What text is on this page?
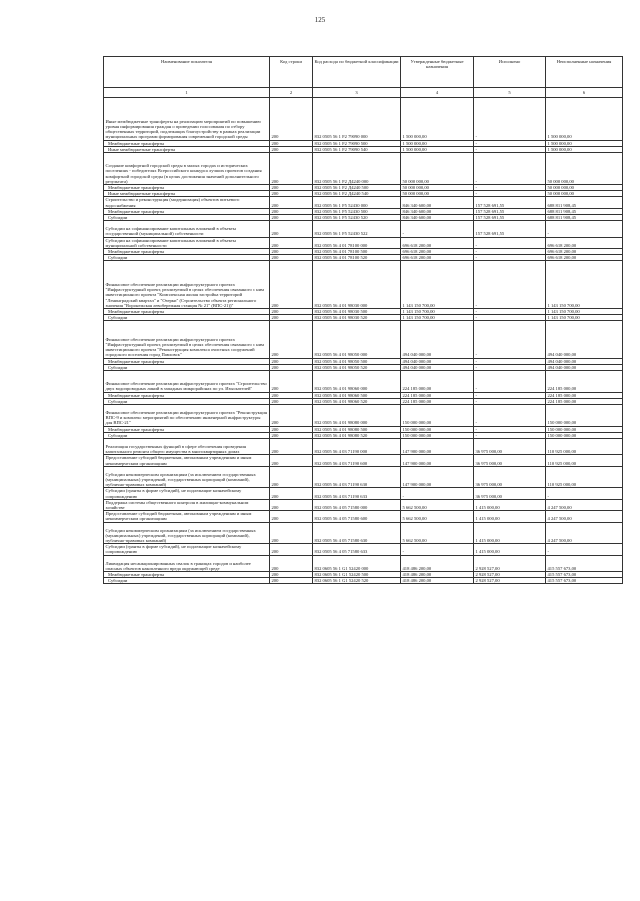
125
Наименование показателя	Код строки	Код расхода по бюджетной классификации	Утвержденные бюджетные назначения	Исполнено	Неисполненные назначения
1	2	3	4	5	6
Иные межбюджетные трансферты на реализацию мероприятий по повышению уровня информирования граждан о проведении голосования по отбору общественных территорий, подлежащих благоустройству в рамках реализации муниципальных программ формирования современной городской среды	200	832 0505 56 1 F2 79090 000	1 500 000,00	-	1 500 000,00
Межбюджетные трансферты	200	832 0505 56 1 F2 79090 500	1 500 000,00	-	1 500 000,00
Иные межбюджетные трансферты	200	832 0505 56 1 F2 79090 540	1 500 000,00	-	1 500 000,00
Создание комфортной городской среды в малых городах и исторических поселениях - победителях Всероссийского конкурса лучших проектов создания комфортной городской среды (в целях достижения значений дополнительного результата)	200	832 0505 56 1 F2 Д4240 000	50 000 000,00	-	50 000 000,00
Межбюджетные трансферты	200	832 0505 56 1 F2 Д4240 500	50 000 000,00	-	50 000 000,00
Иные межбюджетные трансферты	200	832 0505 56 1 F2 Д4240 540	50 000 000,00	-	50 000 000,00
Строительство и реконструкция (модернизация) объектов питьевого водоснабжения	200	832 0505 56 1 F5 52430 000	846 340 600,00	157 528 691,55	688 811 908,45
Межбюджетные трансферты	200	832 0505 56 1 F5 52430 500	846 340 600,00	157 528 691,55	688 811 908,45
Субсидии	200	832 0505 56 1 F5 52430 520	846 340 600,00	157 528 691,55	688 811 908,45
Субсидии на софинансирование капитальных вложений в объекты государственной (муниципальной) собственности	200	832 0505 56 1 F5 52430 522	-	157 528 691,55	-
Субсидии на софинансирование капитальных вложений в объекты муниципальной собственности	200	832 0505 56 4 01 78100 000	696 618 200,00	-	696 618 200,00
Межбюджетные трансферты	200	832 0505 56 4 01 78100 500	696 618 200,00	-	696 618 200,00
Субсидии	200	832 0505 56 4 01 78100 520	696 618 200,00	-	696 618 200,00
Финансовое обеспечение реализации инфраструктурного проекта "Инфраструктурный проект, реализуемый в целях обеспечения связанного с ним инвестиционного проекта "Комплексная жилая застройка территорий "Ленинградский квартал" и "Озерки" (Строительство объекта регионального значения "Воронежская левобережная станция № 21" (ВПС-21))"	200	832 0505 56 4 01 98030 000	1 143 150 700,00	-	1 143 150 700,00
Межбюджетные трансферты	200	832 0505 56 4 01 98030 500	1 143 150 700,00	-	1 143 150 700,00
Субсидии	200	832 0505 56 4 01 98030 520	1 143 150 700,00	-	1 143 150 700,00
Финансовое обеспечение реализации инфраструктурного проекта "Инфраструктурный проект, реализуемый в целях обеспечения связанного с ним инвестиционного проекта "Реконструкция комплекса очистных сооружений городского поселения город Павловск"	200	832 0505 56 4 01 98050 000	494 040 000,00	-	494 040 000,00
Межбюджетные трансферты	200	832 0505 56 4 01 98050 500	494 040 000,00	-	494 040 000,00
Субсидии	200	832 0505 56 4 01 98050 520	494 040 000,00	-	494 040 000,00
Финансовое обеспечение реализации инфраструктурного проекта "Строительство двух водопроводных линий в западных микрорайонах по ул. Изыскателей"	200	832 0505 56 4 01 98060 000	224 185 000,00	-	224 185 000,00
Межбюджетные трансферты	200	832 0505 56 4 01 98060 500	224 185 000,00	-	224 185 000,00
Субсидии	200	832 0505 56 4 01 98060 520	224 185 000,00	-	224 185 000,00
Финансовое обеспечение реализации инфраструктурного проекта "Реконструкция ВПС-9 и комплекс мероприятий по обеспечению инженерной инфраструктуры для ВПС-21"	200	832 0505 56 4 01 98080 000	150 000 000,00	-	150 000 000,00
Межбюджетные трансферты	200	832 0505 56 4 01 98080 500	150 000 000,00	-	150 000 000,00
Субсидии	200	832 0505 56 4 01 98080 520	150 000 000,00	-	150 000 000,00
Реализация государственных функций в сфере обеспечения проведения капитального ремонта общего имущества в многоквартирных домах	200	832 0505 56 4 03 71190 000	147 900 000,00	36 975 000,00	110 925 000,00
Предоставление субсидий бюджетным, автономным учреждениям и иным некоммерческим организациям	200	832 0505 56 4 03 71190 600	147 900 000,00	36 975 000,00	110 925 000,00
Субсидии некоммерческим организациям (за исключением государственных (муниципальных) учреждений, государственных корпораций (компаний), публично-правовых компаний)	200	832 0505 56 4 03 71190 630	147 900 000,00	36 975 000,00	110 925 000,00
Субсидии (гранты в форме субсидий), не подлежащие казначейскому сопровождению	200	832 0505 56 4 03 71190 633	-	36 975 000,00	-
Поддержка системы общественного контроля в жилищно-коммунальном хозяйстве	200	832 0505 56 4 05 71580 000	5 662 500,00	1 415 000,00	4 247 500,00
Предоставление субсидий бюджетным, автономным учреждениям и иным некоммерческим организациям	200	832 0505 56 4 05 71580 600	5 662 500,00	1 415 000,00	4 247 500,00
Субсидии некоммерческим организациям (за исключением государственных (муниципальных) учреждений, государственных корпораций (компаний), публично-правовых компаний)	200	832 0505 56 4 05 71580 630	5 662 500,00	1 415 000,00	4 247 500,00
Субсидии (гранты в форме субсидий), не подлежащие казначейскому сопровождению	200	832 0505 56 4 05 71580 633	-	1 415 000,00	-
Ликвидация несанкционированных свалок в границах городов и наиболее опасных объектов накопленного вреда окружающей среде	200	832 0605 56 1 G1 52420 000	418 486 200,00	2 928 527,00	415 557 673,00
Межбюджетные трансферты	200	832 0605 56 1 G1 52420 500	418 486 200,00	2 928 527,00	415 557 673,00
Субсидии	200	832 0605 56 1 G1 52420 520	418 486 200,00	2 928 527,00	415 557 673,00
